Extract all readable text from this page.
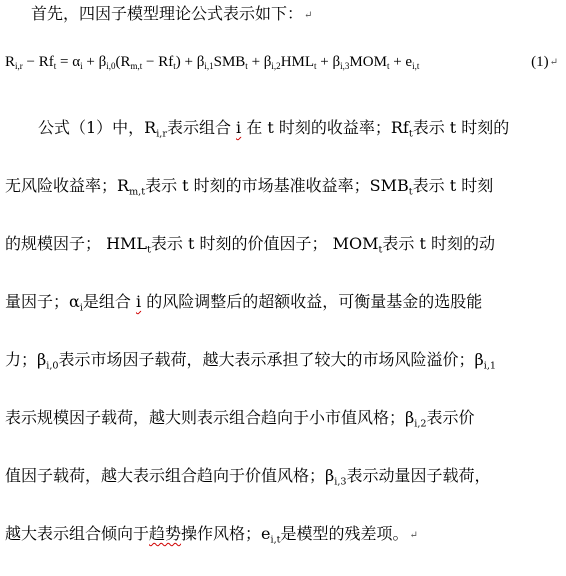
首先，四因子模型理论公式表示如下：↵
$R_{i,r} - Rf_t = \alpha_i + \beta_{i,0}(R_{m,t} - Rf_t) + \beta_{i,1}SMB_t + \beta_{i,2}HML_t + \beta_{i,3}MOM_t + e_{i,t}$	(1)↵
公式（1）中，$R_{i,r}$表示组合 i 在 t 时刻的收益率；$Rf_t$表示 t 时刻的
无风险收益率；$R_{m,t}$表示 t 时刻的市场基准收益率；$SMB_t$表示 t 时刻
的规模因子； $HML_t$表示 t 时刻的价值因子； $MOM_t$表示 t 时刻的动
量因子；$\alpha_i$是组合 i 的风险调整后的超额收益，可衡量基金的选股能
力；$\beta_{i,0}$表示市场因子载荷，越大表示承担了较大的市场风险溢价；$\beta_{i,1}$
表示规模因子载荷，越大则表示组合趋向于小市值风格；$\beta_{i,2}$表示价
值因子载荷，越大表示组合趋向于价值风格；$\beta_{i,3}$表示动量因子载荷，
越大表示组合倾向于趋势操作风格；$e_{i,t}$是模型的残差项。↵
